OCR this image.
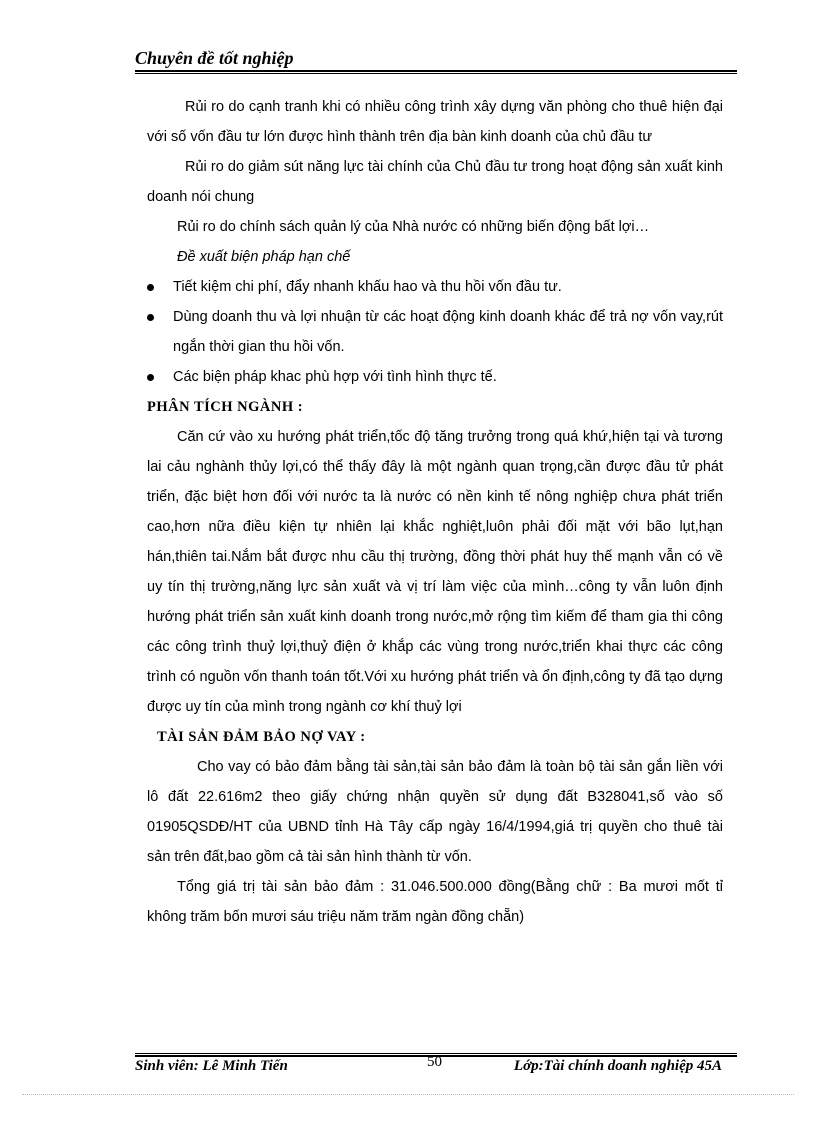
Chuyên đề tốt nghiệp

Rủi ro do cạnh tranh khi có nhiều công trình xây dựng văn phòng cho thuê hiện đại với số vốn đầu tư lớn được hình thành trên địa bàn kinh doanh của chủ đầu tư

Rủi ro do giảm sút năng lực tài chính của Chủ đầu tư trong hoạt động sản xuất kinh doanh nói chung

Rủi ro do chính sách quản lý của Nhà nước có những biến động bất lợi…

Đề xuất biện pháp hạn chế

Tiết kiệm chi phí, đẩy nhanh khấu hao và thu hồi vốn đầu tư.
Dùng doanh thu và lợi nhuận từ các hoạt động kinh doanh khác để trả nợ vốn vay,rút ngắn thời gian thu hồi vốn.
Các biện pháp khac phù hợp với tình hình thực tế.

PHÂN TÍCH NGÀNH :

Căn cứ vào xu hướng phát triển,tốc độ tăng trưởng trong quá khứ,hiện tại và tương lai cảu nghành thủy lợi,có thể thấy đây là một ngành quan trọng,cần được đầu tử phát triển, đặc biệt hơn đối với nước ta là nước có nền kinh tế nông nghiệp chưa phát triển cao,hơn nữa điều kiện tự nhiên lại khắc nghiệt,luôn phải đối mặt với bão lụt,hạn hán,thiên tai.Nắm bắt được nhu cầu thị trường, đồng thời phát huy thế mạnh vẫn có về uy tín thị trường,năng lực sản xuất và vị trí làm việc của mình…công ty vẫn luôn định hướng phát triển sản xuất kinh doanh trong nước,mở rộng tìm kiếm để tham gia thi công các công trình thuỷ lợi,thuỷ điện ở khắp các vùng trong nước,triển khai thực các công trình có nguồn vốn thanh toán tốt.Với xu hướng phát triển và ổn định,công ty đã tạo dựng được uy tín của mình trong ngành cơ khí thuỷ lợi

TÀI SẢN ĐẢM BẢO NỢ VAY :

Cho vay có bảo đảm bằng tài sản,tài sản bảo đảm là toàn bộ tài sản gắn liền với lô đất 22.616m2 theo giấy chứng nhận quyền sử dụng đất B328041,số vào số 01905QSDĐ/HT của UBND tỉnh Hà Tây cấp ngày 16/4/1994,giá trị quyền cho thuê tài sản trên đất,bao gồm cả tài sản hình thành từ vốn.

Tổng giá trị tài sản bảo đảm : 31.046.500.000 đồng(Bằng chữ : Ba mươi mốt tỉ không trăm bốn mươi sáu triệu năm trăm ngàn đồng chẵn)

Sinh viên: Lê Minh Tiến	50	Lớp:Tài chính doanh nghiệp 45A
